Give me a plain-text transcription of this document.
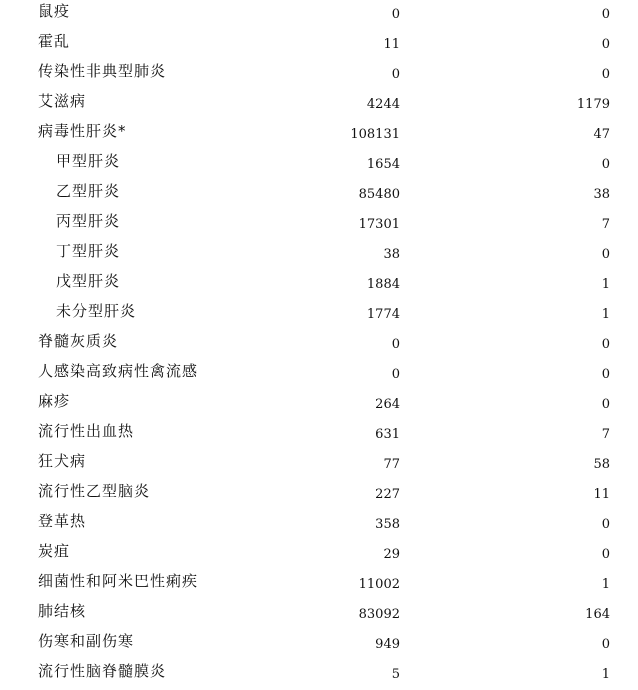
鼠疫	0	0
霍乱	11	0
传染性非典型肺炎	0	0
艾滋病	4244	1179
病毒性肝炎*	108131	47
甲型肝炎	1654	0
乙型肝炎	85480	38
丙型肝炎	17301	7
丁型肝炎	38	0
戊型肝炎	1884	1
未分型肝炎	1774	1
脊髓灰质炎	0	0
人感染高致病性禽流感	0	0
麻疹	264	0
流行性出血热	631	7
狂犬病	77	58
流行性乙型脑炎	227	11
登革热	358	0
炭疽	29	0
细菌性和阿米巴性痢疾	11002	1
肺结核	83092	164
伤寒和副伤寒	949	0
流行性脑脊髓膜炎	5	1
